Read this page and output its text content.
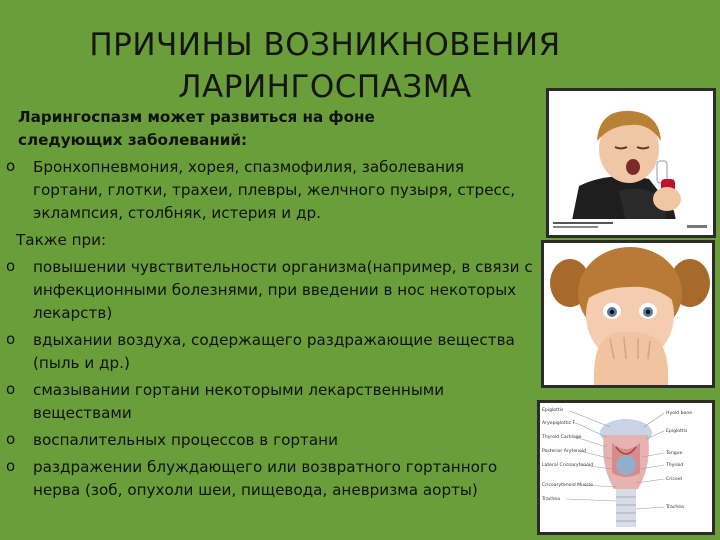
ПРИЧИНЫ ВОЗНИКНОВЕНИЯ
ЛАРИНГОСПАЗМА
Ларингоспазм может развиться на фоне
следующих заболеваний:
o Бронхопневмония, хорея, спазмофилия, заболевания гортани, глотки, трахеи, плевры, желчного пузыря, стресс, эклампсия, столбняк, истерия и др.
Также при:
o повышении чувствительности организма(например, в связи с инфекционными болезнями, при введении в нос некоторых лекарств)
o вдыхании воздуха, содержащего раздражающие вещества (пыль и др.)
o смазывании гортани некоторыми лекарственными веществами
o воспалительных процессов в гортани
o раздражении блуждающего или возвратного гортанного нерва (зоб, опухоли шеи, пищевода, аневризма аорты)
Epiglottis
Aryepiglottic F.
Thyroid Cartilage
Posterior Arytenoid
Lateral Cricoarytenoid
Cricoarytenoid Muscle
Trachea
Hyoid bone
Epiglottis
Tongue
Thyroid
Cricoid
Trachea
